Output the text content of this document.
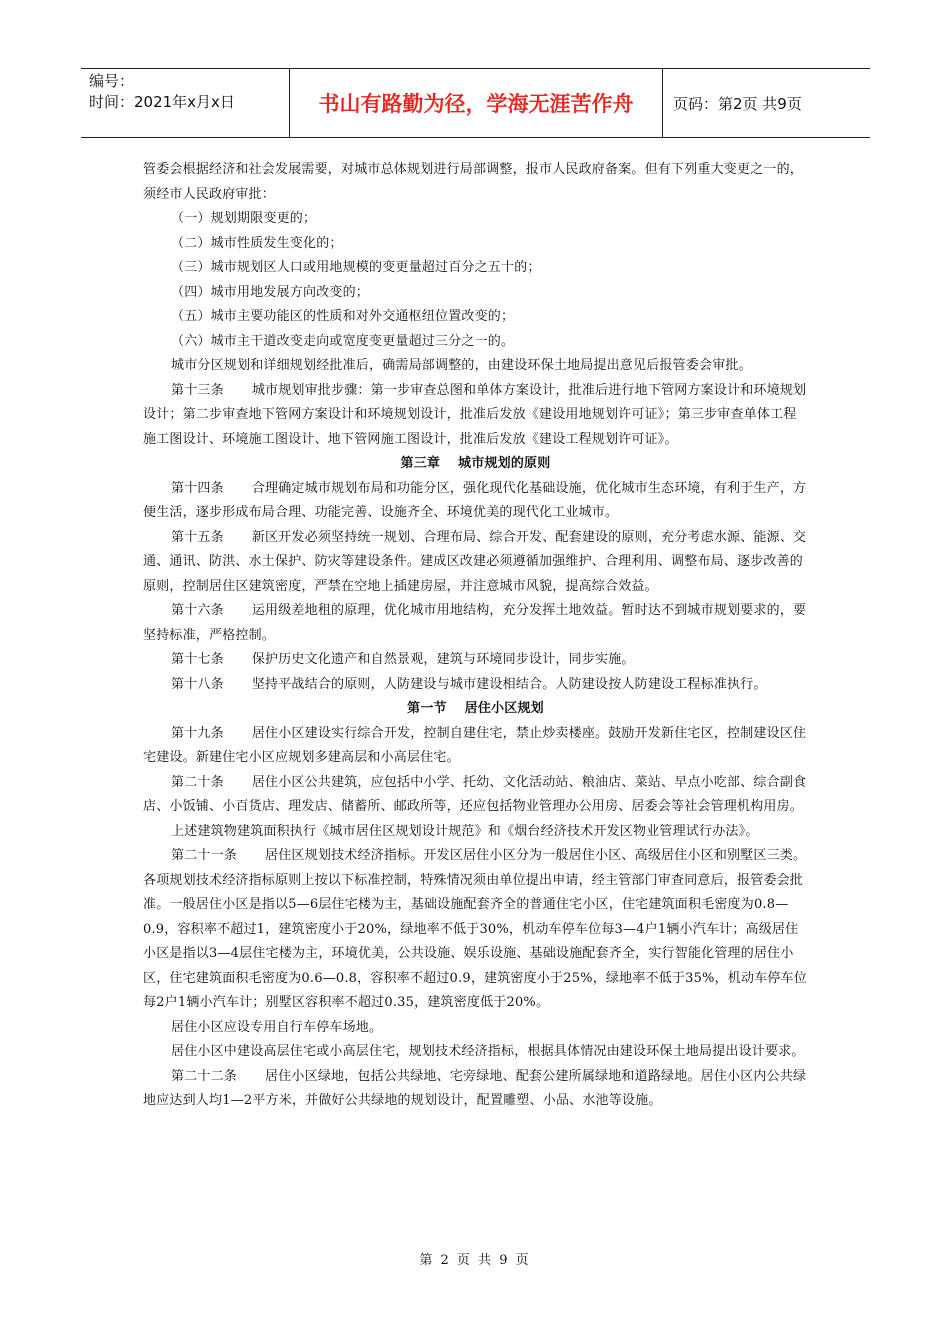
编号：
时间：2021年x月x日	书山有路勤为径，学海无涯苦作舟	页码：第2页 共9页

管委会根据经济和社会发展需要，对城市总体规划进行局部调整，报市人民政府备案。但有下列重大变更之一的，须经市人民政府审批：

（一）规划期限变更的；

（二）城市性质发生变化的；

（三）城市规划区人口或用地规模的变更量超过百分之五十的；

（四）城市用地发展方向改变的；

（五）城市主要功能区的性质和对外交通枢纽位置改变的；

（六）城市主干道改变走向或宽度变更量超过三分之一的。

城市分区规划和详细规划经批准后，确需局部调整的，由建设环保土地局提出意见后报管委会审批。

第十三条 城市规划审批步骤：第一步审查总图和单体方案设计，批准后进行地下管网方案设计和环境规划设计；第二步审查地下管网方案设计和环境规划设计，批准后发放《建设用地规划许可证》；第三步审查单体工程施工图设计、环境施工图设计、地下管网施工图设计，批准后发放《建设工程规划许可证》。

第三章　 城市规划的原则

第十四条 合理确定城市规划布局和功能分区，强化现代化基础设施，优化城市生态环境，有利于生产，方便生活，逐步形成布局合理、功能完善、设施齐全、环境优美的现代化工业城市。

第十五条 新区开发必须坚持统一规划、合理布局、综合开发、配套建设的原则，充分考虑水源、能源、交通、通讯、防洪、水土保护、防灾等建设条件。建成区改建必须遵循加强维护、合理利用、调整布局、逐步改善的原则，控制居住区建筑密度，严禁在空地上插建房屋，并注意城市风貌，提高综合效益。

第十六条 运用级差地租的原理，优化城市用地结构，充分发挥土地效益。暂时达不到城市规划要求的，要坚持标准，严格控制。

第十七条 保护历史文化遗产和自然景观，建筑与环境同步设计，同步实施。

第十八条 坚持平战结合的原则，人防建设与城市建设相结合。人防建设按人防建设工程标准执行。

第一节　 居住小区规划

第十九条 居住小区建设实行综合开发，控制自建住宅，禁止炒卖楼座。鼓励开发新住宅区，控制建设区住宅建设。新建住宅小区应规划多建高层和小高层住宅。

第二十条 居住小区公共建筑，应包括中小学、托幼、文化活动站、粮油店、菜站、早点小吃部、综合副食店、小饭铺、小百货店、理发店、储蓄所、邮政所等，还应包括物业管理办公用房、居委会等社会管理机构用房。

上述建筑物建筑面积执行《城市居住区规划设计规范》和《烟台经济技术开发区物业管理试行办法》。

第二十一条 居住区规划技术经济指标。开发区居住小区分为一般居住小区、高级居住小区和别墅区三类。各项规划技术经济指标原则上按以下标准控制，特殊情况须由单位提出申请，经主管部门审查同意后，报管委会批准。一般居住小区是指以5—6层住宅楼为主，基础设施配套齐全的普通住宅小区，住宅建筑面积毛密度为0.8—0.9，容积率不超过1，建筑密度小于20%，绿地率不低于30%，机动车停车位每3—4户1辆小汽车计；高级居住小区是指以3—4层住宅楼为主，环境优美，公共设施、娱乐设施、基础设施配套齐全，实行智能化管理的居住小区，住宅建筑面积毛密度为0.6—0.8，容积率不超过0.9，建筑密度小于25%，绿地率不低于35%，机动车停车位每2户1辆小汽车计；别墅区容积率不超过0.35，建筑密度低于20%。

居住小区应设专用自行车停车场地。

居住小区中建设高层住宅或小高层住宅，规划技术经济指标，根据具体情况由建设环保土地局提出设计要求。

第二十二条 居住小区绿地，包括公共绿地、宅旁绿地、配套公建所属绿地和道路绿地。居住小区内公共绿地应达到人均1—2平方米，并做好公共绿地的规划设计，配置雕塑、小品、水池等设施。

第 2 页 共 9 页
